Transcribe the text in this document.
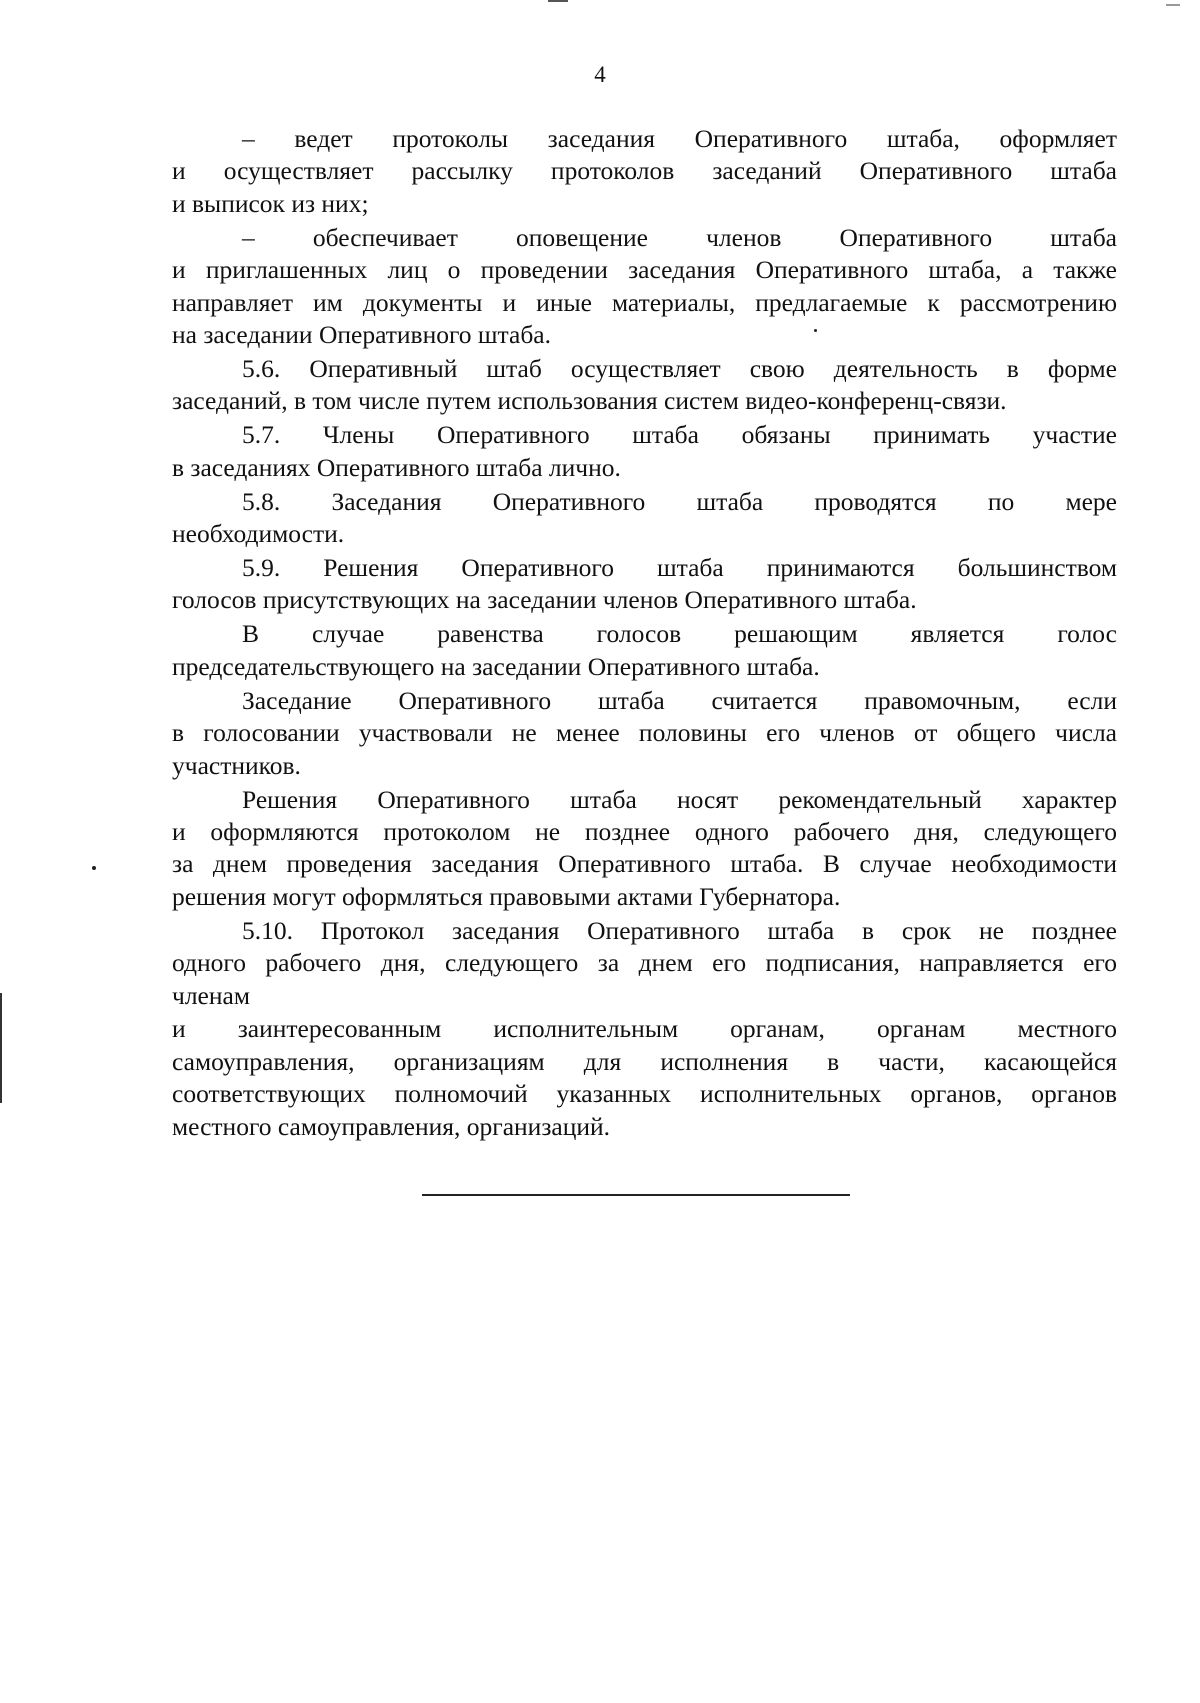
4
– ведет протоколы заседания Оперативного штаба, оформляет
и осуществляет рассылку протоколов заседаний Оперативного штаба
и выписок из них;
– обеспечивает оповещение членов Оперативного штаба
и приглашенных лиц о проведении заседания Оперативного штаба, а также
направляет им документы и иные материалы, предлагаемые к рассмотрению
на заседании Оперативного штаба.
5.6. Оперативный штаб осуществляет свою деятельность в форме
заседаний, в том числе путем использования систем видео-конференц-связи.
5.7. Члены Оперативного штаба обязаны принимать участие
в заседаниях Оперативного штаба лично.
5.8. Заседания Оперативного штаба проводятся по мере
необходимости.
5.9. Решения Оперативного штаба принимаются большинством
голосов присутствующих на заседании членов Оперативного штаба.
В случае равенства голосов решающим является голос
председательствующего на заседании Оперативного штаба.
Заседание Оперативного штаба считается правомочным, если
в голосовании участвовали не менее половины его членов от общего числа
участников.
Решения Оперативного штаба носят рекомендательный характер
и оформляются протоколом не позднее одного рабочего дня, следующего
за днем проведения заседания Оперативного штаба. В случае необходимости
решения могут оформляться правовыми актами Губернатора.
5.10. Протокол заседания Оперативного штаба в срок не позднее
одного рабочего дня, следующего за днем его подписания, направляется его
членам
и заинтересованным исполнительным органам, органам местного
самоуправления, организациям для исполнения в части, касающейся
соответствующих полномочий указанных исполнительных органов, органов
местного самоуправления, организаций.
